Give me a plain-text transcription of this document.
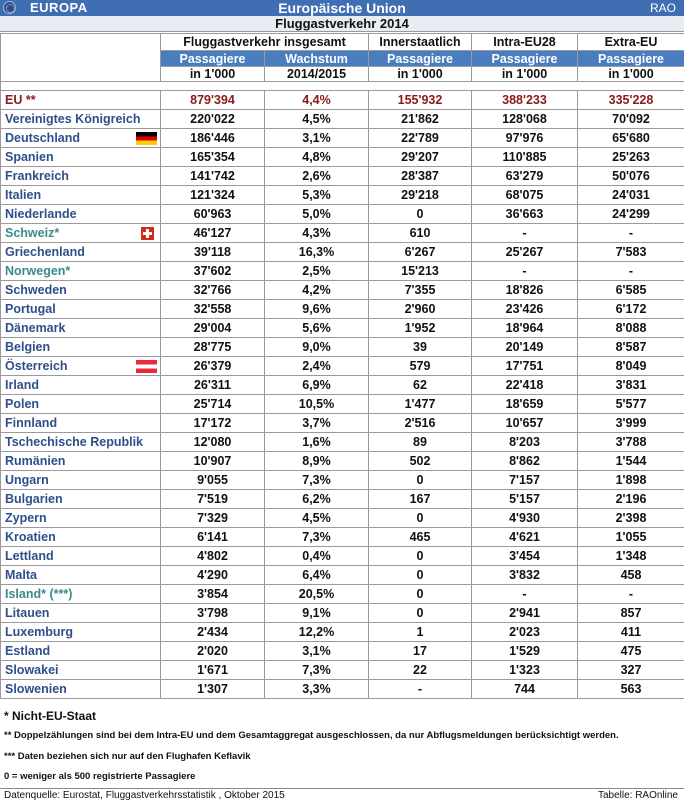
EUROPA	Europäische Union	RAO
Fluggastverkehr 2014
	Fluggastverkehr insgesamt		Innerstaatlich	Intra-EU28	Extra-EU
	Passagiere	Wachstum	Passagiere	Passagiere	Passagiere
	in 1'000	2014/2015	in 1'000	in 1'000	in 1'000

EU **	879'394	4,4%	155'932	388'233	335'228
Vereinigtes Königreich	220'022	4,5%	21'862	128'068	70'092
Deutschland	186'446	3,1%	22'789	97'976	65'680
Spanien	165'354	4,8%	29'207	110'885	25'263
Frankreich	141'742	2,6%	28'387	63'279	50'076
Italien	121'324	5,3%	29'218	68'075	24'031
Niederlande	60'963	5,0%	0	36'663	24'299
Schweiz*	46'127	4,3%	610	-	-
Griechenland	39'118	16,3%	6'267	25'267	7'583
Norwegen*	37'602	2,5%	15'213	-	-
Schweden	32'766	4,2%	7'355	18'826	6'585
Portugal	32'558	9,6%	2'960	23'426	6'172
Dänemark	29'004	5,6%	1'952	18'964	8'088
Belgien	28'775	9,0%	39	20'149	8'587
Österreich	26'379	2,4%	579	17'751	8'049
Irland	26'311	6,9%	62	22'418	3'831
Polen	25'714	10,5%	1'477	18'659	5'577
Finnland	17'172	3,7%	2'516	10'657	3'999
Tschechische Republik	12'080	1,6%	89	8'203	3'788
Rumänien	10'907	8,9%	502	8'862	1'544
Ungarn	9'055	7,3%	0	7'157	1'898
Bulgarien	7'519	6,2%	167	5'157	2'196
Zypern	7'329	4,5%	0	4'930	2'398
Kroatien	6'141	7,3%	465	4'621	1'055
Lettland	4'802	0,4%	0	3'454	1'348
Malta	4'290	6,4%	0	3'832	458
Island* (***)	3'854	20,5%	0	-	-
Litauen	3'798	9,1%	0	2'941	857
Luxemburg	2'434	12,2%	1	2'023	411
Estland	2'020	3,1%	17	1'529	475
Slowakei	1'671	7,3%	22	1'323	327
Slowenien	1'307	3,3%	-	744	563
* Nicht-EU-Staat
** Doppelzählungen sind bei dem Intra-EU und dem Gesamtaggregat ausgeschlossen, da nur Abflugsmeldungen berücksichtigt werden.
*** Daten beziehen sich nur auf den Flughafen Keflavik
0 = weniger als 500 registrierte Passagiere
Datenquelle: Eurostat, Fluggastverkehrsstatistik , Oktober 2015	Tabelle: RAOnline
